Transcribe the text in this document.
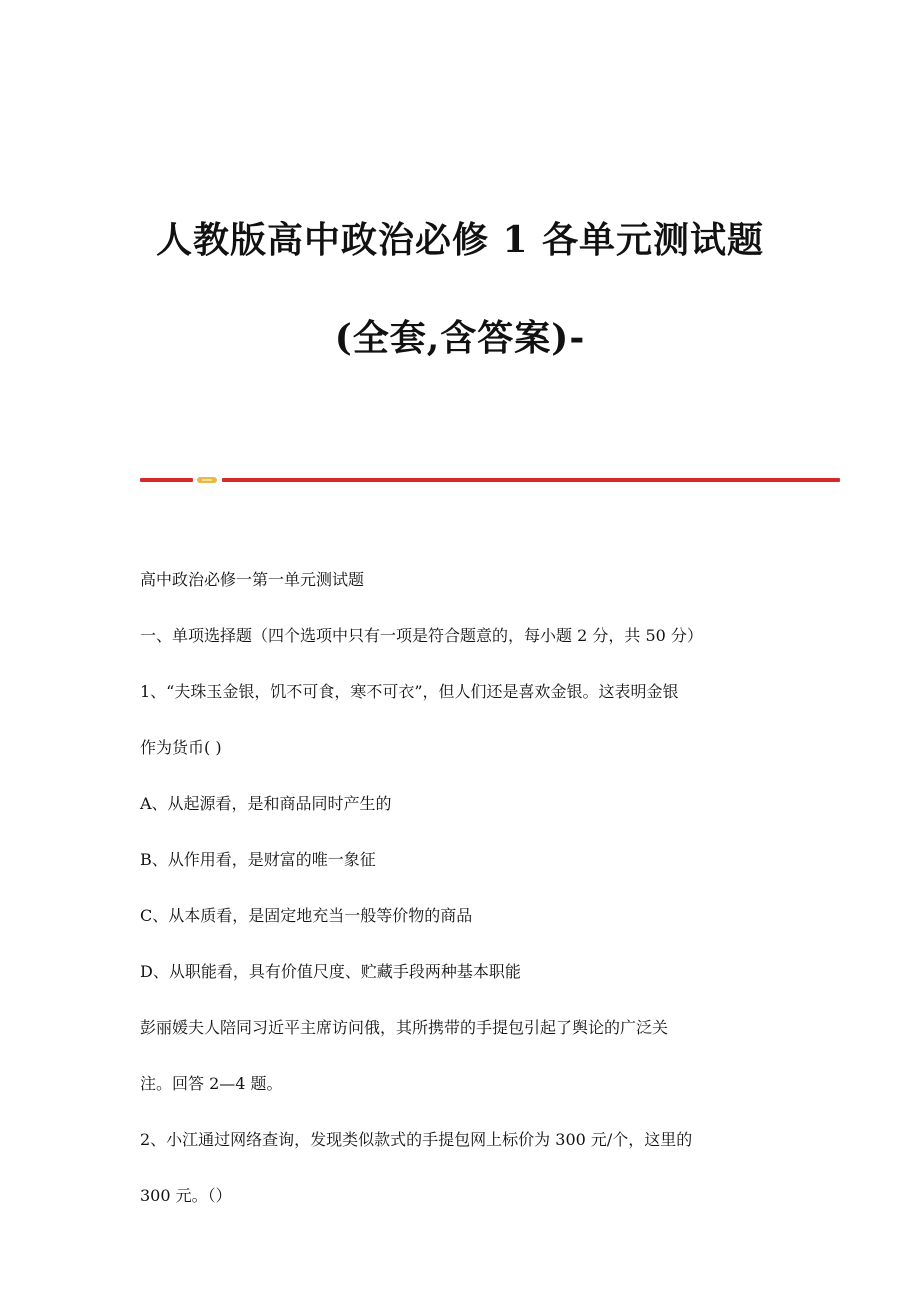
人教版高中政治必修 1 各单元测试题
(全套,含答案)-

高中政治必修一第一单元测试题

一、单项选择题（四个选项中只有一项是符合题意的，每小题 2 分，共 50 分）

1、“夫珠玉金银，饥不可食，寒不可衣”，但人们还是喜欢金银。这表明金银

作为货币( )

A、从起源看，是和商品同时产生的

B、从作用看，是财富的唯一象征

C、从本质看，是固定地充当一般等价物的商品

D、从职能看，具有价值尺度、贮藏手段两种基本职能

彭丽媛夫人陪同习近平主席访问俄，其所携带的手提包引起了舆论的广泛关

注。回答 2—4 题。

2、小江通过网络查询，发现类似款式的手提包网上标价为 300 元/个，这里的

300 元。（）
